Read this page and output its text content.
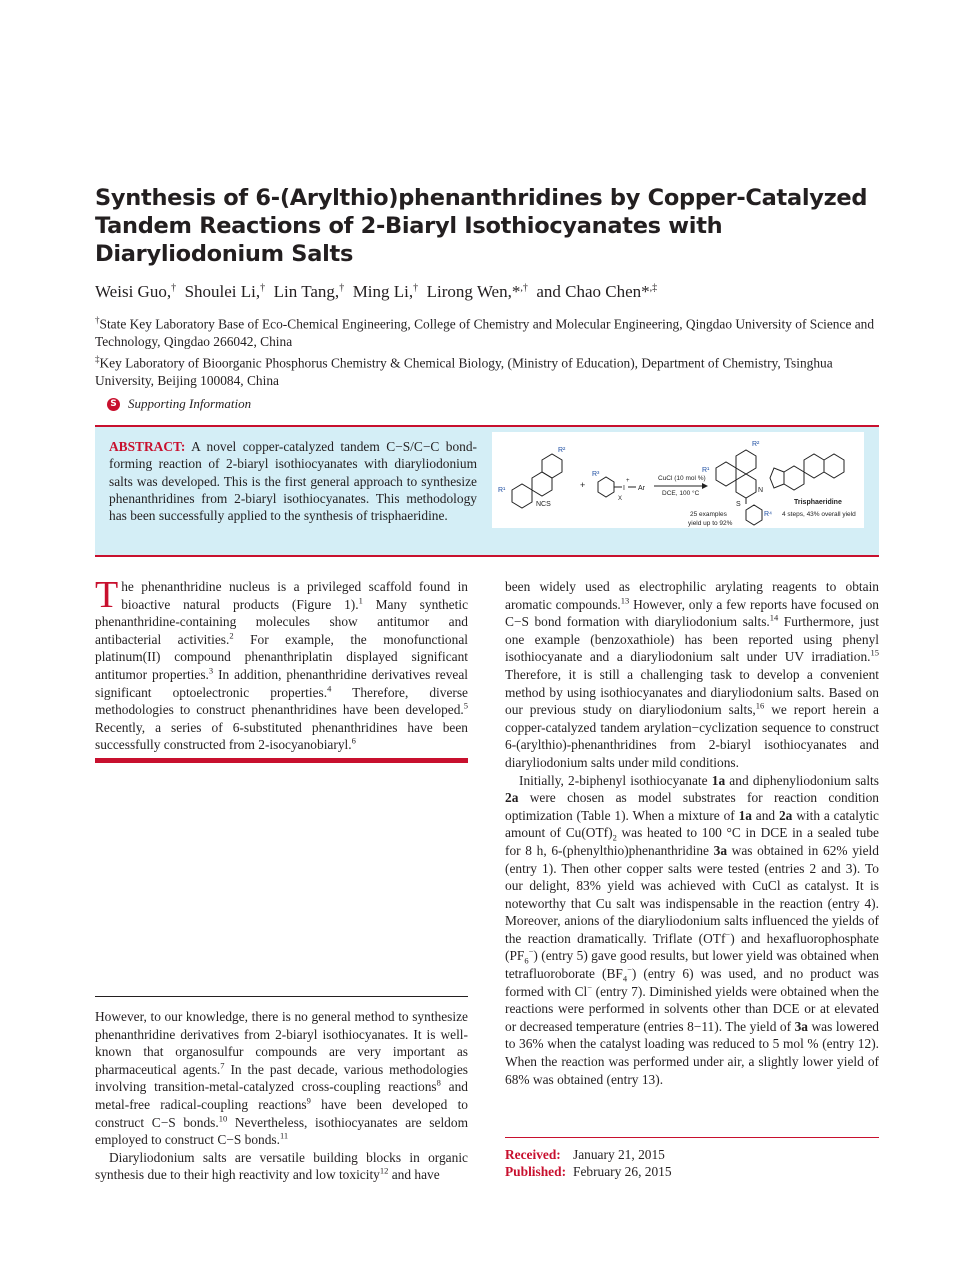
Synthesis of 6-(Arylthio)phenanthridines by Copper-Catalyzed Tandem Reactions of 2-Biaryl Isothiocyanates with Diaryliodonium Salts
Weisi Guo,† Shoulei Li,† Lin Tang,† Ming Li,† Lirong Wen,*,† and Chao Chen*,‡
†State Key Laboratory Base of Eco-Chemical Engineering, College of Chemistry and Molecular Engineering, Qingdao University of Science and Technology, Qingdao 266042, China
‡Key Laboratory of Bioorganic Phosphorus Chemistry & Chemical Biology, (Ministry of Education), Department of Chemistry, Tsinghua University, Beijing 100084, China
S Supporting Information
ABSTRACT: A novel copper-catalyzed tandem C−S/C−C bond-forming reaction of 2-biaryl isothiocyanates with diaryliodonium salts was developed. This is the first general approach to synthesize phenanthridines from 2-biaryl isothiocyanates. This methodology has been successfully applied to the synthesis of trisphaeridine.
R¹
R²
NCS
+
R³
I
+
Ar
X
CuCl (10 mol %)
DCE, 100 °C
R¹
R²
N
S
R⁴
25 examples
yield up to 92%
Trisphaeridine
4 steps, 43% overall yield
T he phenanthridine nucleus is a privileged scaffold found in bioactive natural products (Figure 1).$^1$ Many synthetic phenanthridine-containing molecules show antitumor and antibacterial activities.$^2$ For example, the monofunctional platinum(II) compound phenanthriplatin displayed significant antitumor properties.$^3$ In addition, phenanthridine derivatives reveal significant optoelectronic properties.$^4$ Therefore, diverse methodologies to construct phenanthridines have been developed.$^5$ Recently, a series of 6-substituted phenanthridines have been successfully constructed from 2-isocyanobiaryl.$^6$

However, to our knowledge, there is no general method to synthesize phenanthridine derivatives from 2-biaryl isothiocyanates. It is well-known that organosulfur compounds are very important as pharmaceutical agents.$^7$ In the past decade, various methodologies involving transition-metal-catalyzed cross-coupling reactions$^8$ and metal-free radical-coupling reactions$^9$ have been developed to construct C−S bonds.$^{10}$ Nevertheless, isothiocyanates are seldom employed to construct C−S bonds.$^{11}$

Diaryliodonium salts are versatile building blocks in organic synthesis due to their high reactivity and low toxicity$^{12}$ and have

been widely used as electrophilic arylating reagents to obtain aromatic compounds.$^{13}$ However, only a few reports have focused on C−S bond formation with diaryliodonium salts.$^{14}$ Furthermore, just one example (benzoxathiole) has been reported using phenyl isothiocyanate and a diaryliodonium salt under UV irradiation.$^{15}$ Therefore, it is still a challenging task to develop a convenient method by using isothiocyanates and diaryliodonium salts. Based on our previous study on diaryliodonium salts,$^{16}$ we report herein a copper-catalyzed tandem arylation−cyclization sequence to construct 6-(arylthio)-phenanthridines from 2-biaryl isothiocyanates and diaryliodonium salts under mild conditions.

Initially, 2-biphenyl isothiocyanate 1a and diphenyliodonium salts 2a were chosen as model substrates for reaction condition optimization (Table 1). When a mixture of 1a and 2a with a catalytic amount of $Cu(OTf)_2$ was heated to 100 °C in DCE in a sealed tube for 8 h, 6-(phenylthio)phenanthridine 3a was obtained in 62% yield (entry 1). Then other copper salts were tested (entries 2 and 3). To our delight, 83% yield was achieved with CuCl as catalyst. It is noteworthy that Cu salt was indispensable in the reaction (entry 4). Moreover, anions of the diaryliodonium salts influenced the yields of the reaction dramatically. Triflate (OTf−) and hexafluorophosphate $(PF_6^-)$ (entry 5) gave good results, but lower yield was obtained when tetrafluoroborate $(BF_4^-)$ (entry 6) was used, and no product was formed with Cl− (entry 7). Diminished yields were obtained when the reactions were performed in solvents other than DCE or at elevated or decreased temperature (entries 8−11). The yield of 3a was lowered to 36% when the catalyst loading was reduced to 5 mol % (entry 12). When the reaction was performed under air, a slightly lower yield of 68% was obtained (entry 13).

Received: January 21, 2015
Published: February 26, 2015
